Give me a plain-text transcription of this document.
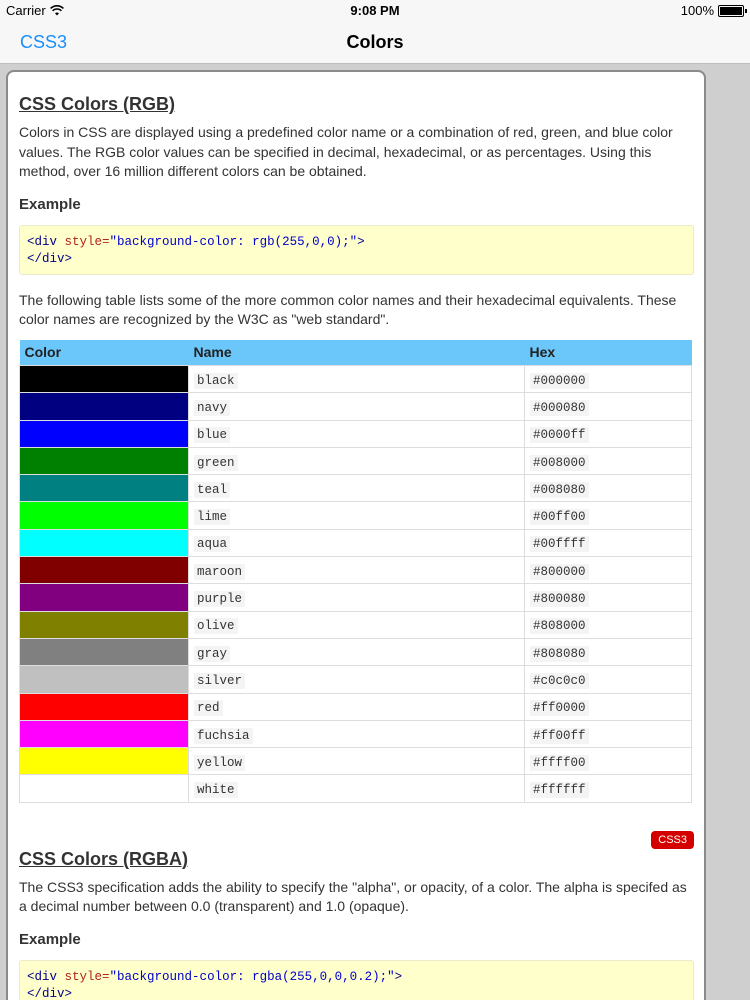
Carrier	9:08 PM	100%
CSS3	Colors
CSS Colors (RGB)

Colors in CSS are displayed using a predefined color name or a combination of red, green, and blue color values. The RGB color values can be specified in decimal, hexadecimal, or as percentages. Using this method, over 16 million different colors can be obtained.

Example
<div style="background-color: rgb(255,0,0);">
</div>

The following table lists some of the more common color names and their hexadecimal equivalents. These color names are recognized by the W3C as "web standard".

Color	Name	Hex
	black	#000000
	navy	#000080
	blue	#0000ff
	green	#008000
	teal	#008080
	lime	#00ff00
	aqua	#00ffff
	maroon	#800000
	purple	#800080
	olive	#808000
	gray	#808080
	silver	#c0c0c0
	red	#ff0000
	fuchsia	#ff00ff
	yellow	#ffff00
	white	#ffffff
CSS3
CSS Colors (RGBA)

The CSS3 specification adds the ability to specify the "alpha", or opacity, of a color. The alpha is specifed as a decimal number between 0.0 (transparent) and 1.0 (opaque).

Example
<div style="background-color: rgba(255,0,0,0.2);">
</div>
